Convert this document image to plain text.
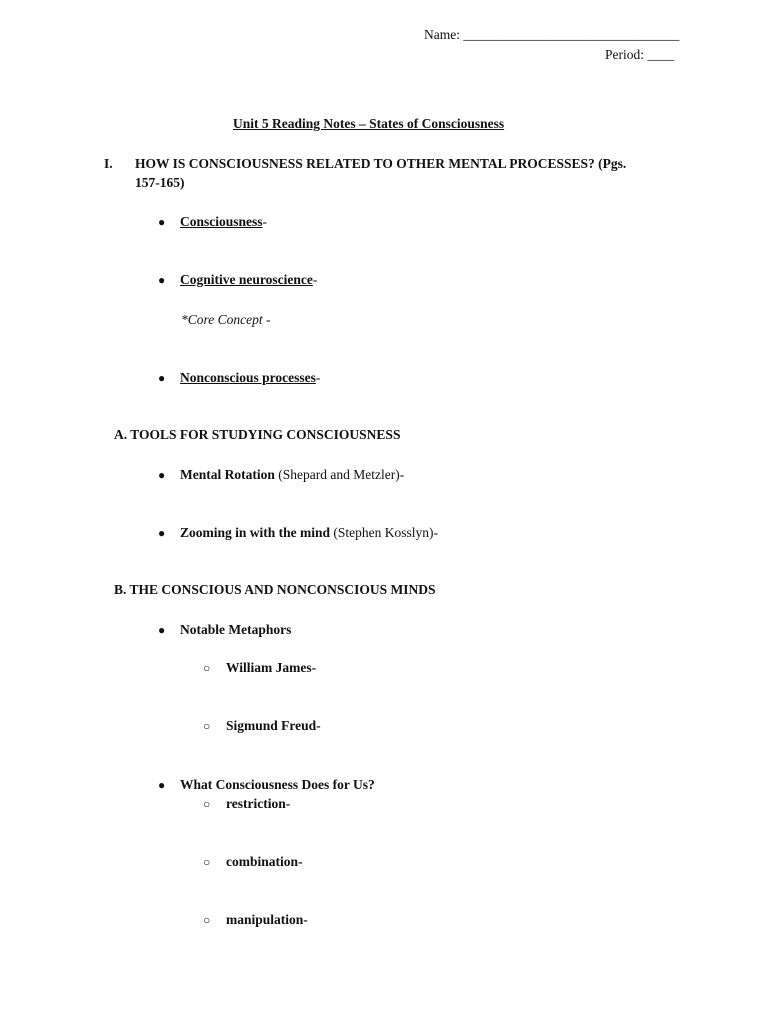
Name: ________________________________
Period: ____
Unit 5 Reading Notes – States of Consciousness
I. HOW IS CONSCIOUSNESS RELATED TO OTHER MENTAL PROCESSES? (Pgs.
157-165)
● Consciousness-
● Cognitive neuroscience-
*Core Concept -
● Nonconscious processes-
A. TOOLS FOR STUDYING CONSCIOUSNESS
● Mental Rotation (Shepard and Metzler)-
● Zooming in with the mind (Stephen Kosslyn)-
B. THE CONSCIOUS AND NONCONSCIOUS MINDS
● Notable Metaphors
○ William James-
○ Sigmund Freud-
● What Consciousness Does for Us?
○ restriction-
○ combination-
○ manipulation-
